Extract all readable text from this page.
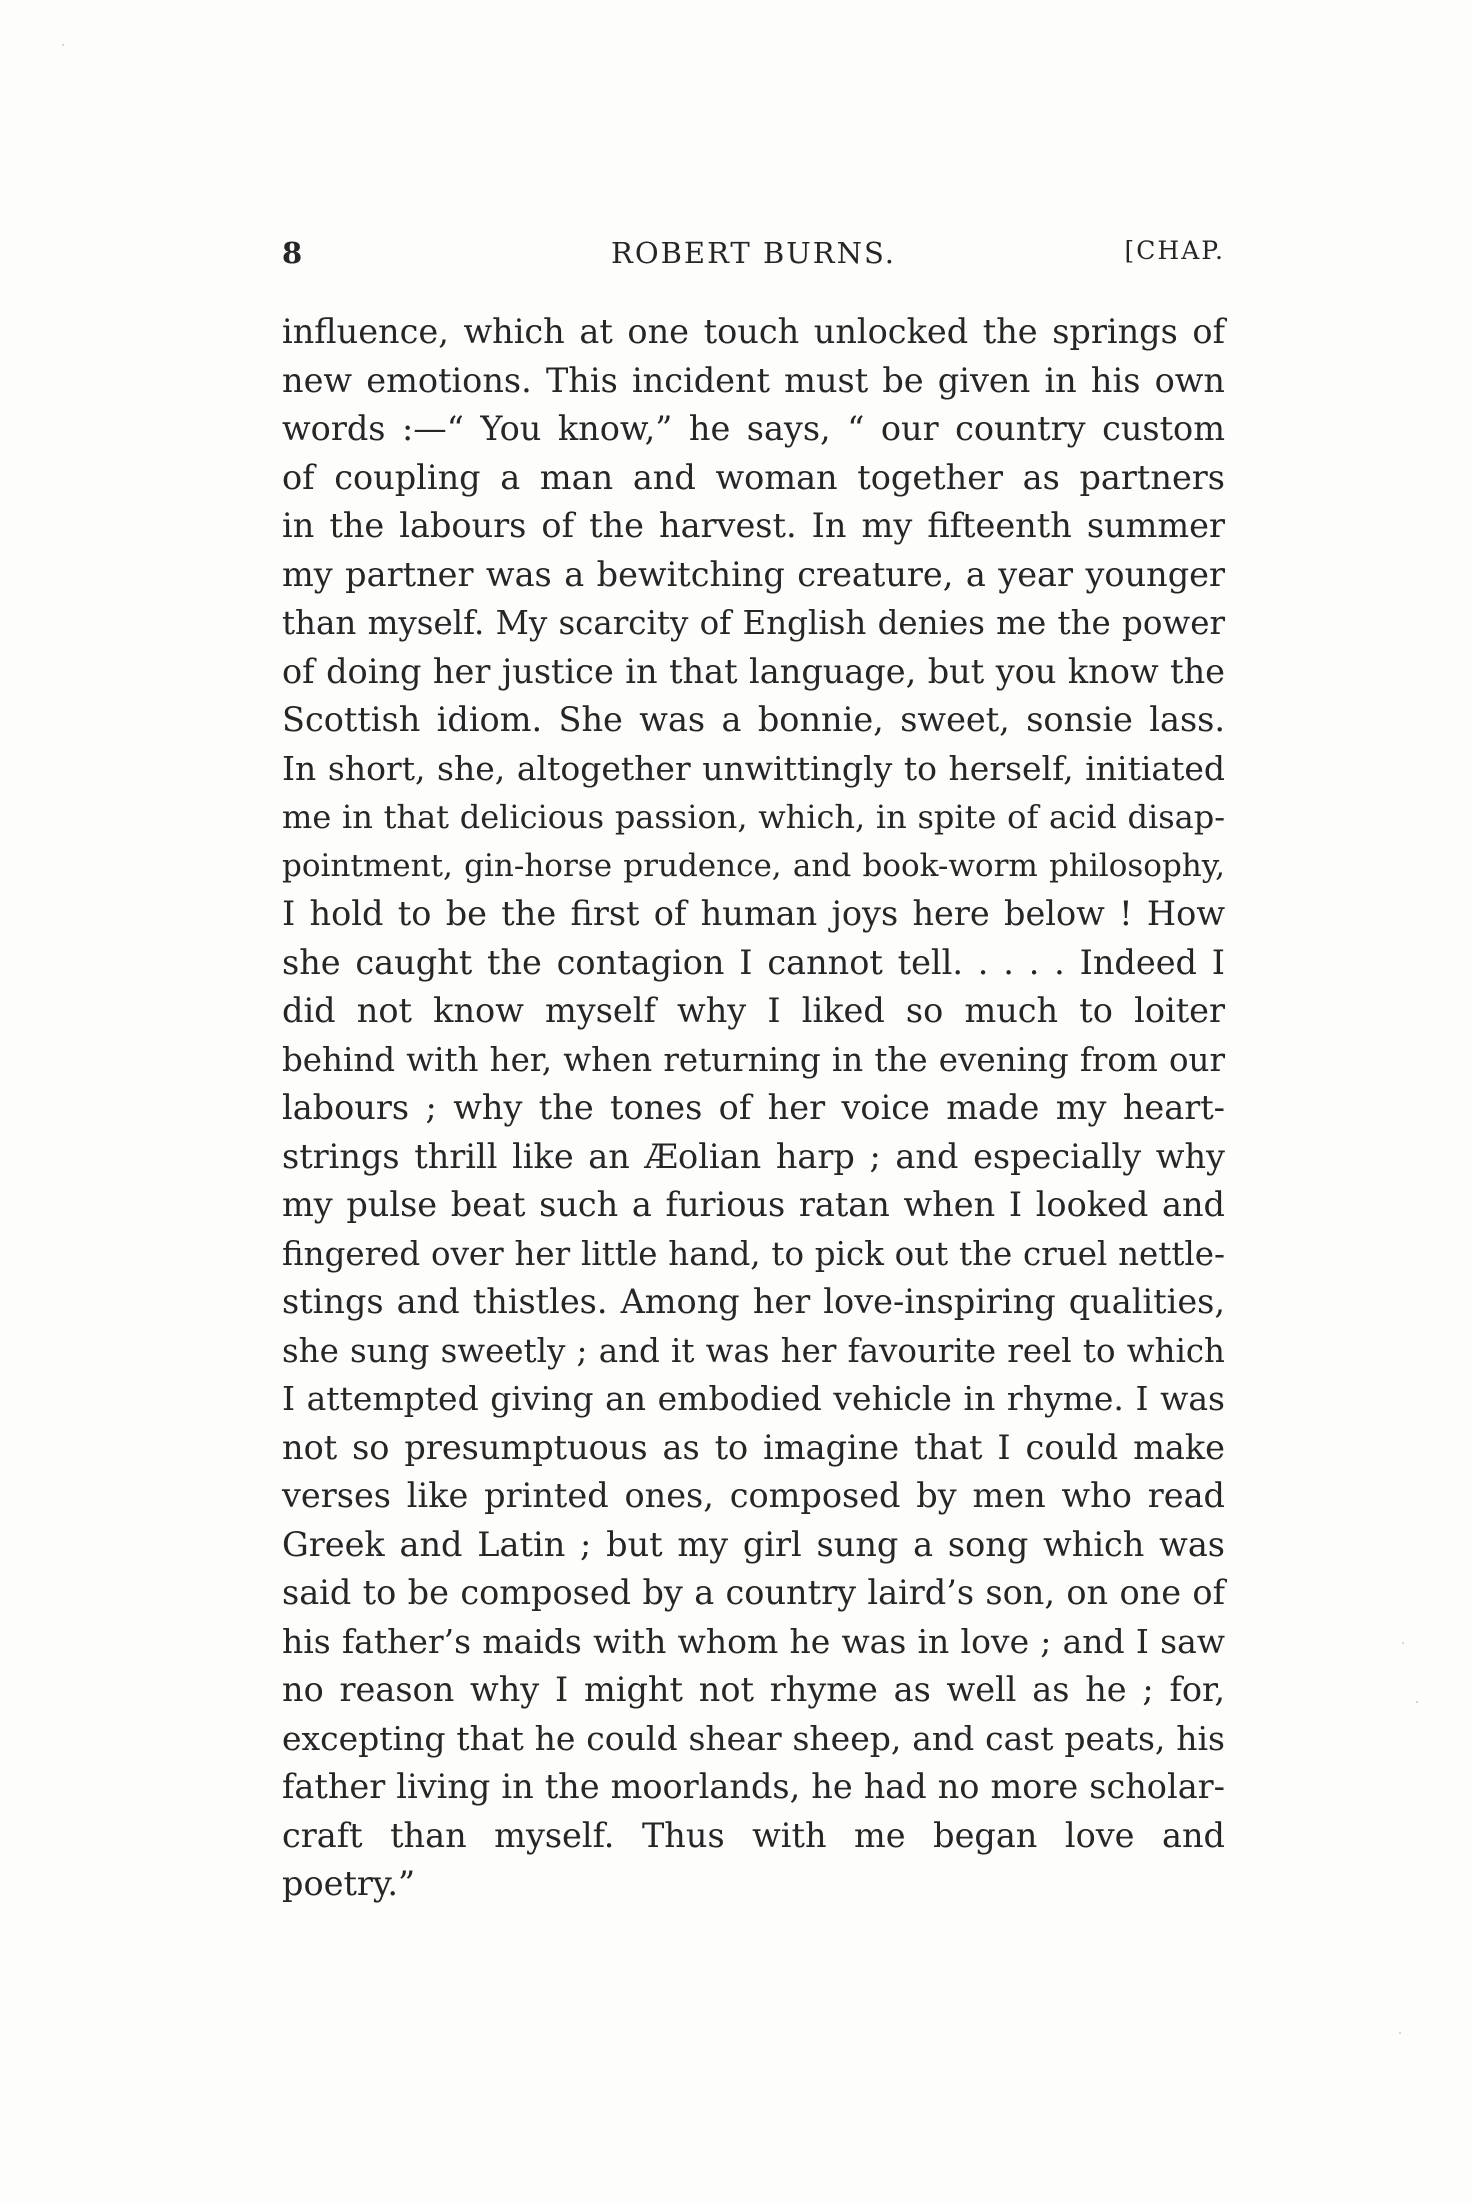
8	ROBERT BURNS.	[CHAP.
influence, which at one touch unlocked the springs of
new emotions. This incident must be given in his own
words :—“ You know,” he says, “ our country custom
of coupling a man and woman together as partners
in the labours of the harvest. In my fifteenth summer
my partner was a bewitching creature, a year younger
than myself. My scarcity of English denies me the power
of doing her justice in that language, but you know the
Scottish idiom. She was a bonnie, sweet, sonsie lass.
In short, she, altogether unwittingly to herself, initiated
me in that delicious passion, which, in spite of acid disap-
pointment, gin-horse prudence, and book-worm philosophy,
I hold to be the first of human joys here below ! How
she caught the contagion I cannot tell. . . . . Indeed I
did not know myself why I liked so much to loiter
behind with her, when returning in the evening from our
labours ; why the tones of her voice made my heart-
strings thrill like an Æolian harp ; and especially why
my pulse beat such a furious ratan when I looked and
fingered over her little hand, to pick out the cruel nettle-
stings and thistles. Among her love-inspiring qualities,
she sung sweetly ; and it was her favourite reel to which
I attempted giving an embodied vehicle in rhyme. I was
not so presumptuous as to imagine that I could make
verses like printed ones, composed by men who read
Greek and Latin ; but my girl sung a song which was
said to be composed by a country laird’s son, on one of
his father’s maids with whom he was in love ; and I saw
no reason why I might not rhyme as well as he ; for,
excepting that he could shear sheep, and cast peats, his
father living in the moorlands, he had no more scholar-
craft than myself. Thus with me began love and
poetry.”
